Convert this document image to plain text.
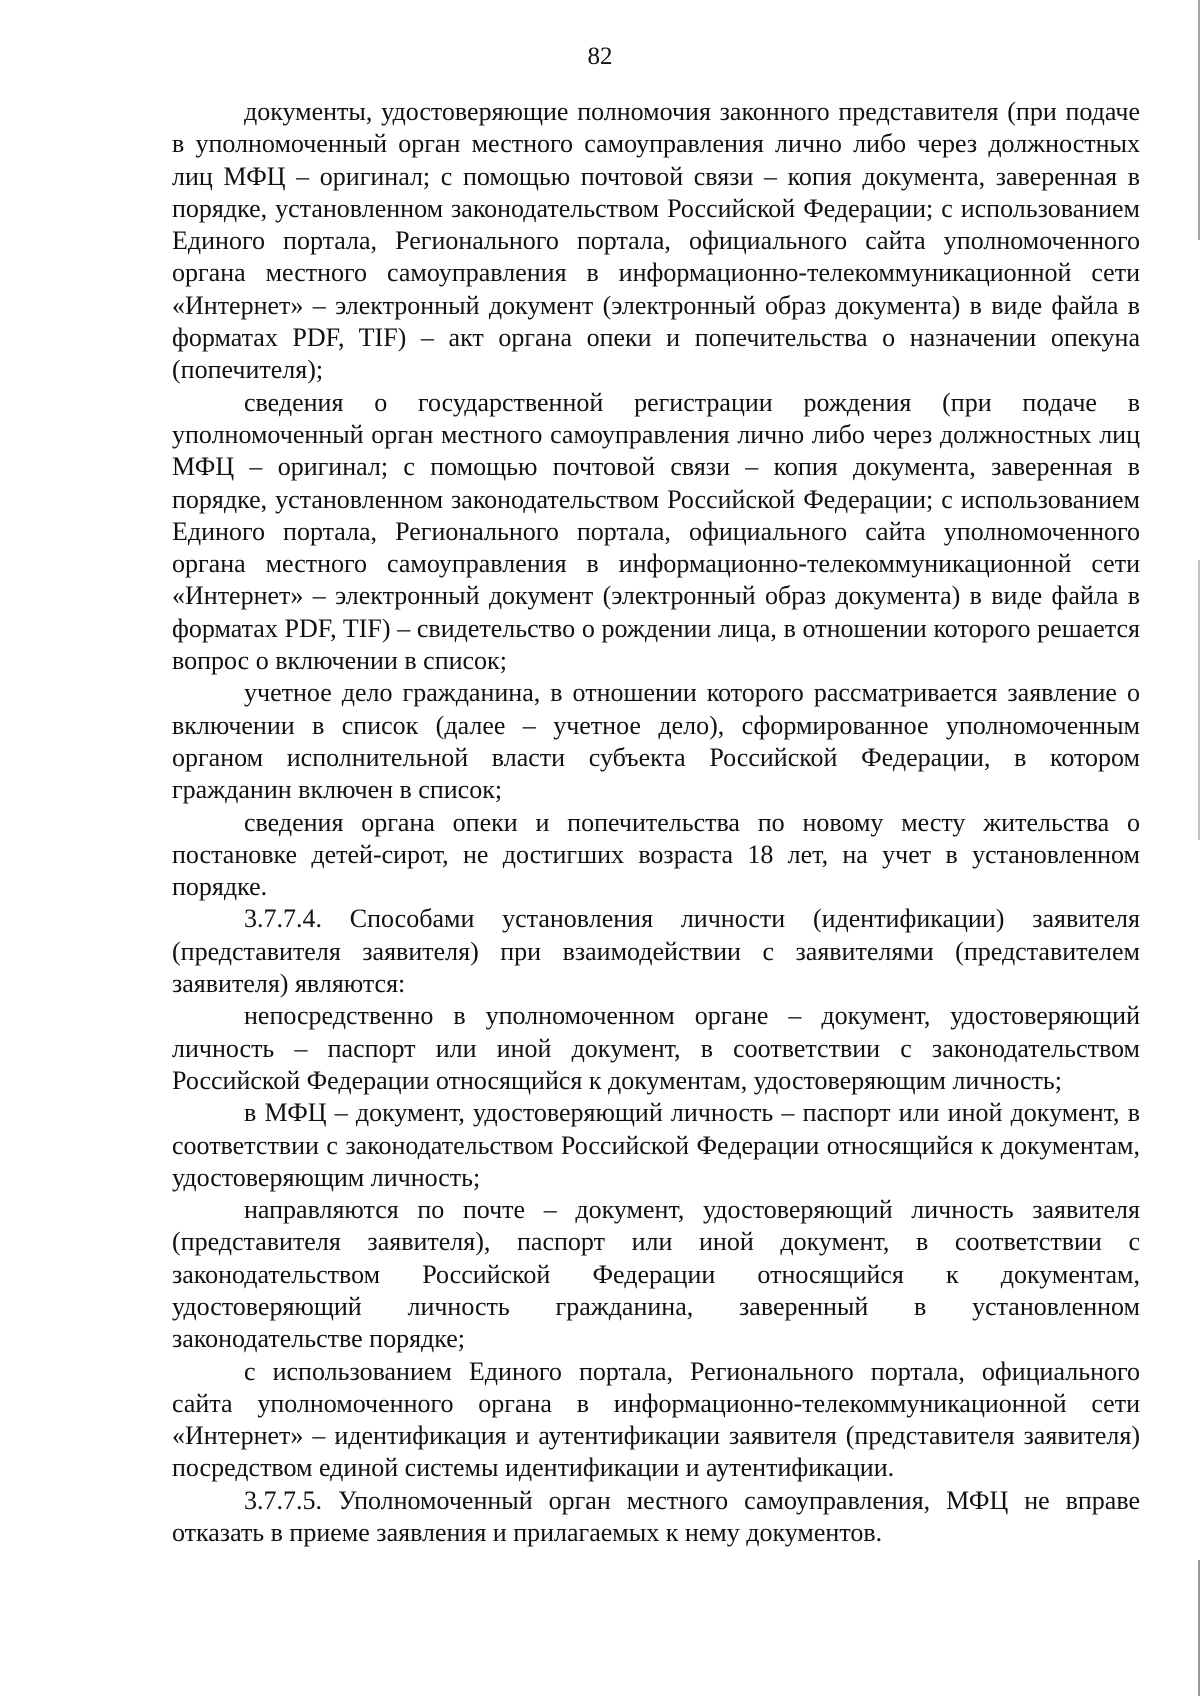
82

документы, удостоверяющие полномочия законного представителя (при подаче в уполномоченный орган местного самоуправления лично либо через должностных лиц МФЦ – оригинал; с помощью почтовой связи – копия документа, заверенная в порядке, установленном законодательством Российской Федерации; с использованием Единого портала, Регионального портала, официального сайта уполномоченного органа местного самоуправления в информационно-телекоммуникационной сети «Интернет» – электронный документ (электронный образ документа) в виде файла в форматах PDF, TIF) – акт органа опеки и попечительства о назначении опекуна (попечителя);

сведения о государственной регистрации рождения (при подаче в уполномоченный орган местного самоуправления лично либо через должностных лиц МФЦ – оригинал; с помощью почтовой связи – копия документа, заверенная в порядке, установленном законодательством Российской Федерации; с использованием Единого портала, Регионального портала, официального сайта уполномоченного органа местного самоуправления в информационно-телекоммуникационной сети «Интернет» – электронный документ (электронный образ документа) в виде файла в форматах PDF, TIF) – свидетельство о рождении лица, в отношении которого решается вопрос о включении в список;

учетное дело гражданина, в отношении которого рассматривается заявление о включении в список (далее – учетное дело), сформированное уполномоченным органом исполнительной власти субъекта Российской Федерации, в котором гражданин включен в список;

сведения органа опеки и попечительства по новому месту жительства о постановке детей-сирот, не достигших возраста 18 лет, на учет в установленном порядке.

3.7.7.4. Способами установления личности (идентификации) заявителя (представителя заявителя) при взаимодействии с заявителями (представителем заявителя) являются:

непосредственно в уполномоченном органе – документ, удостоверяющий личность – паспорт или иной документ, в соответствии с законодательством Российской Федерации относящийся к документам, удостоверяющим личность;

в МФЦ – документ, удостоверяющий личность – паспорт или иной документ, в соответствии с законодательством Российской Федерации относящийся к документам, удостоверяющим личность;

направляются по почте – документ, удостоверяющий личность заявителя (представителя заявителя), паспорт или иной документ, в соответствии с законодательством Российской Федерации относящийся к документам, удостоверяющий личность гражданина, заверенный в установленном законодательстве порядке;

с использованием Единого портала, Регионального портала, официального сайта уполномоченного органа в информационно-телекоммуникационной сети «Интернет» – идентификация и аутентификации заявителя (представителя заявителя) посредством единой системы идентификации и аутентификации.

3.7.7.5. Уполномоченный орган местного самоуправления, МФЦ не вправе отказать в приеме заявления и прилагаемых к нему документов.
